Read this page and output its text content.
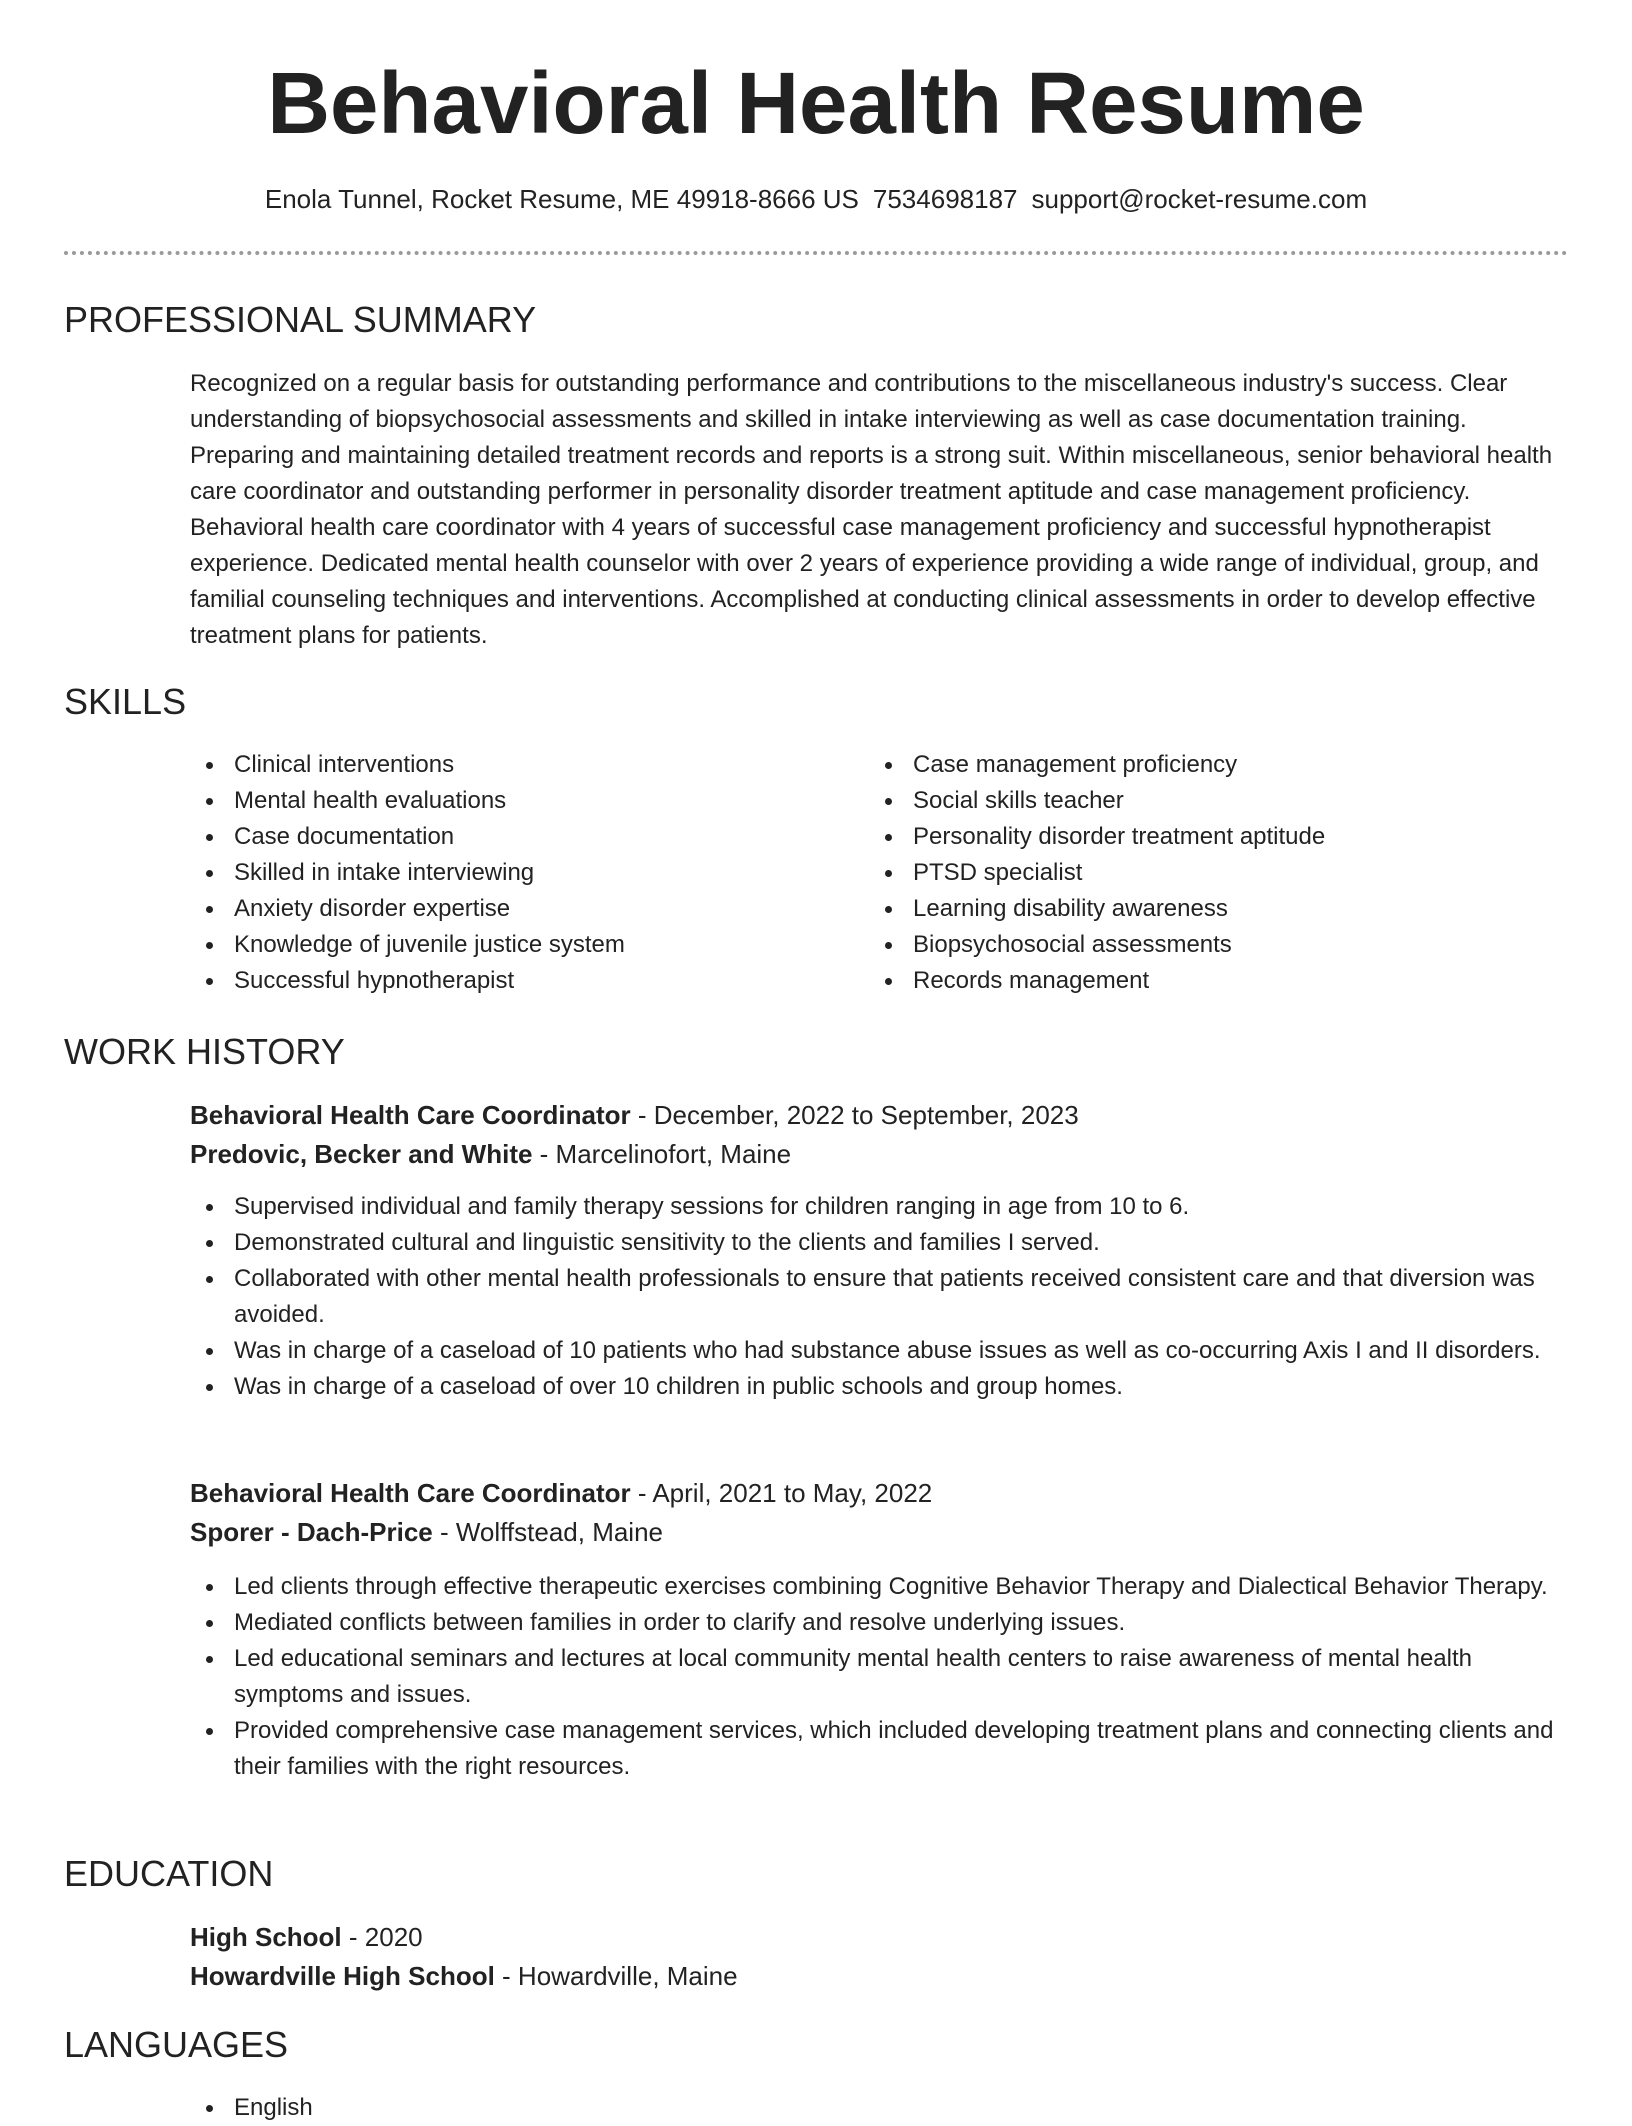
Behavioral Health Resume
Enola Tunnel, Rocket Resume, ME 49918-8666 US 7534698187 support@rocket-resume.com
PROFESSIONAL SUMMARY

Recognized on a regular basis for outstanding performance and contributions to the miscellaneous industry's success. Clear understanding of biopsychosocial assessments and skilled in intake interviewing as well as case documentation training. Preparing and maintaining detailed treatment records and reports is a strong suit. Within miscellaneous, senior behavioral health care coordinator and outstanding performer in personality disorder treatment aptitude and case management proficiency. Behavioral health care coordinator with 4 years of successful case management proficiency and successful hypnotherapist experience. Dedicated mental health counselor with over 2 years of experience providing a wide range of individual, group, and familial counseling techniques and interventions. Accomplished at conducting clinical assessments in order to develop effective treatment plans for patients.

SKILLS
Clinical interventions
Mental health evaluations
Case documentation
Skilled in intake interviewing
Anxiety disorder expertise
Knowledge of juvenile justice system
Successful hypnotherapist
Case management proficiency
Social skills teacher
Personality disorder treatment aptitude
PTSD specialist
Learning disability awareness
Biopsychosocial assessments
Records management
WORK HISTORY
Behavioral Health Care Coordinator - December, 2022 to September, 2023
Predovic, Becker and White - Marcelinofort, Maine
Supervised individual and family therapy sessions for children ranging in age from 10 to 6.
Demonstrated cultural and linguistic sensitivity to the clients and families I served.
Collaborated with other mental health professionals to ensure that patients received consistent care and that diversion was avoided.
Was in charge of a caseload of 10 patients who had substance abuse issues as well as co-occurring Axis I and II disorders.
Was in charge of a caseload of over 10 children in public schools and group homes.
Behavioral Health Care Coordinator - April, 2021 to May, 2022
Sporer - Dach-Price - Wolffstead, Maine
Led clients through effective therapeutic exercises combining Cognitive Behavior Therapy and Dialectical Behavior Therapy.
Mediated conflicts between families in order to clarify and resolve underlying issues.
Led educational seminars and lectures at local community mental health centers to raise awareness of mental health symptoms and issues.
Provided comprehensive case management services, which included developing treatment plans and connecting clients and their families with the right resources.
EDUCATION
High School - 2020
Howardville High School - Howardville, Maine
LANGUAGES
English
